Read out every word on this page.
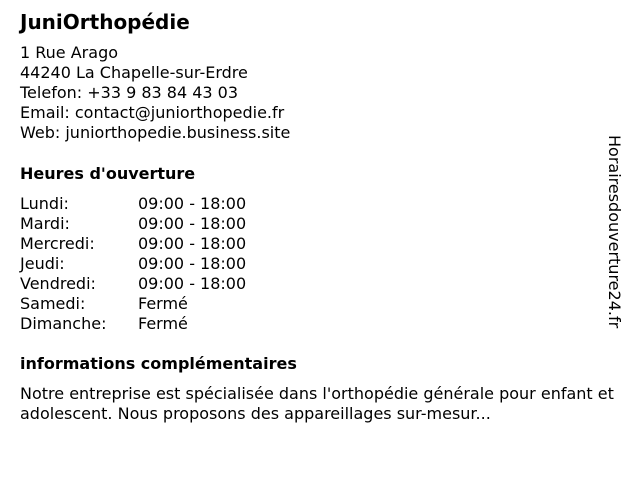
JuniOrthopédie
1 Rue Arago
44240 La Chapelle-sur-Erdre
Telefon: +33 9 83 84 43 03
Email: contact@juniorthopedie.fr
Web: juniorthopedie.business.site
Heures d'ouverture
Lundi:	09:00 - 18:00
Mardi:	09:00 - 18:00
Mercredi:	09:00 - 18:00
Jeudi:	09:00 - 18:00
Vendredi:	09:00 - 18:00
Samedi:	Fermé
Dimanche: Fermé
informations complémentaires
Notre entreprise est spécialisée dans l'orthopédie générale pour enfant et adolescent. Nous proposons des appareillages sur-mesur...
Horairesdouverture24.fr
